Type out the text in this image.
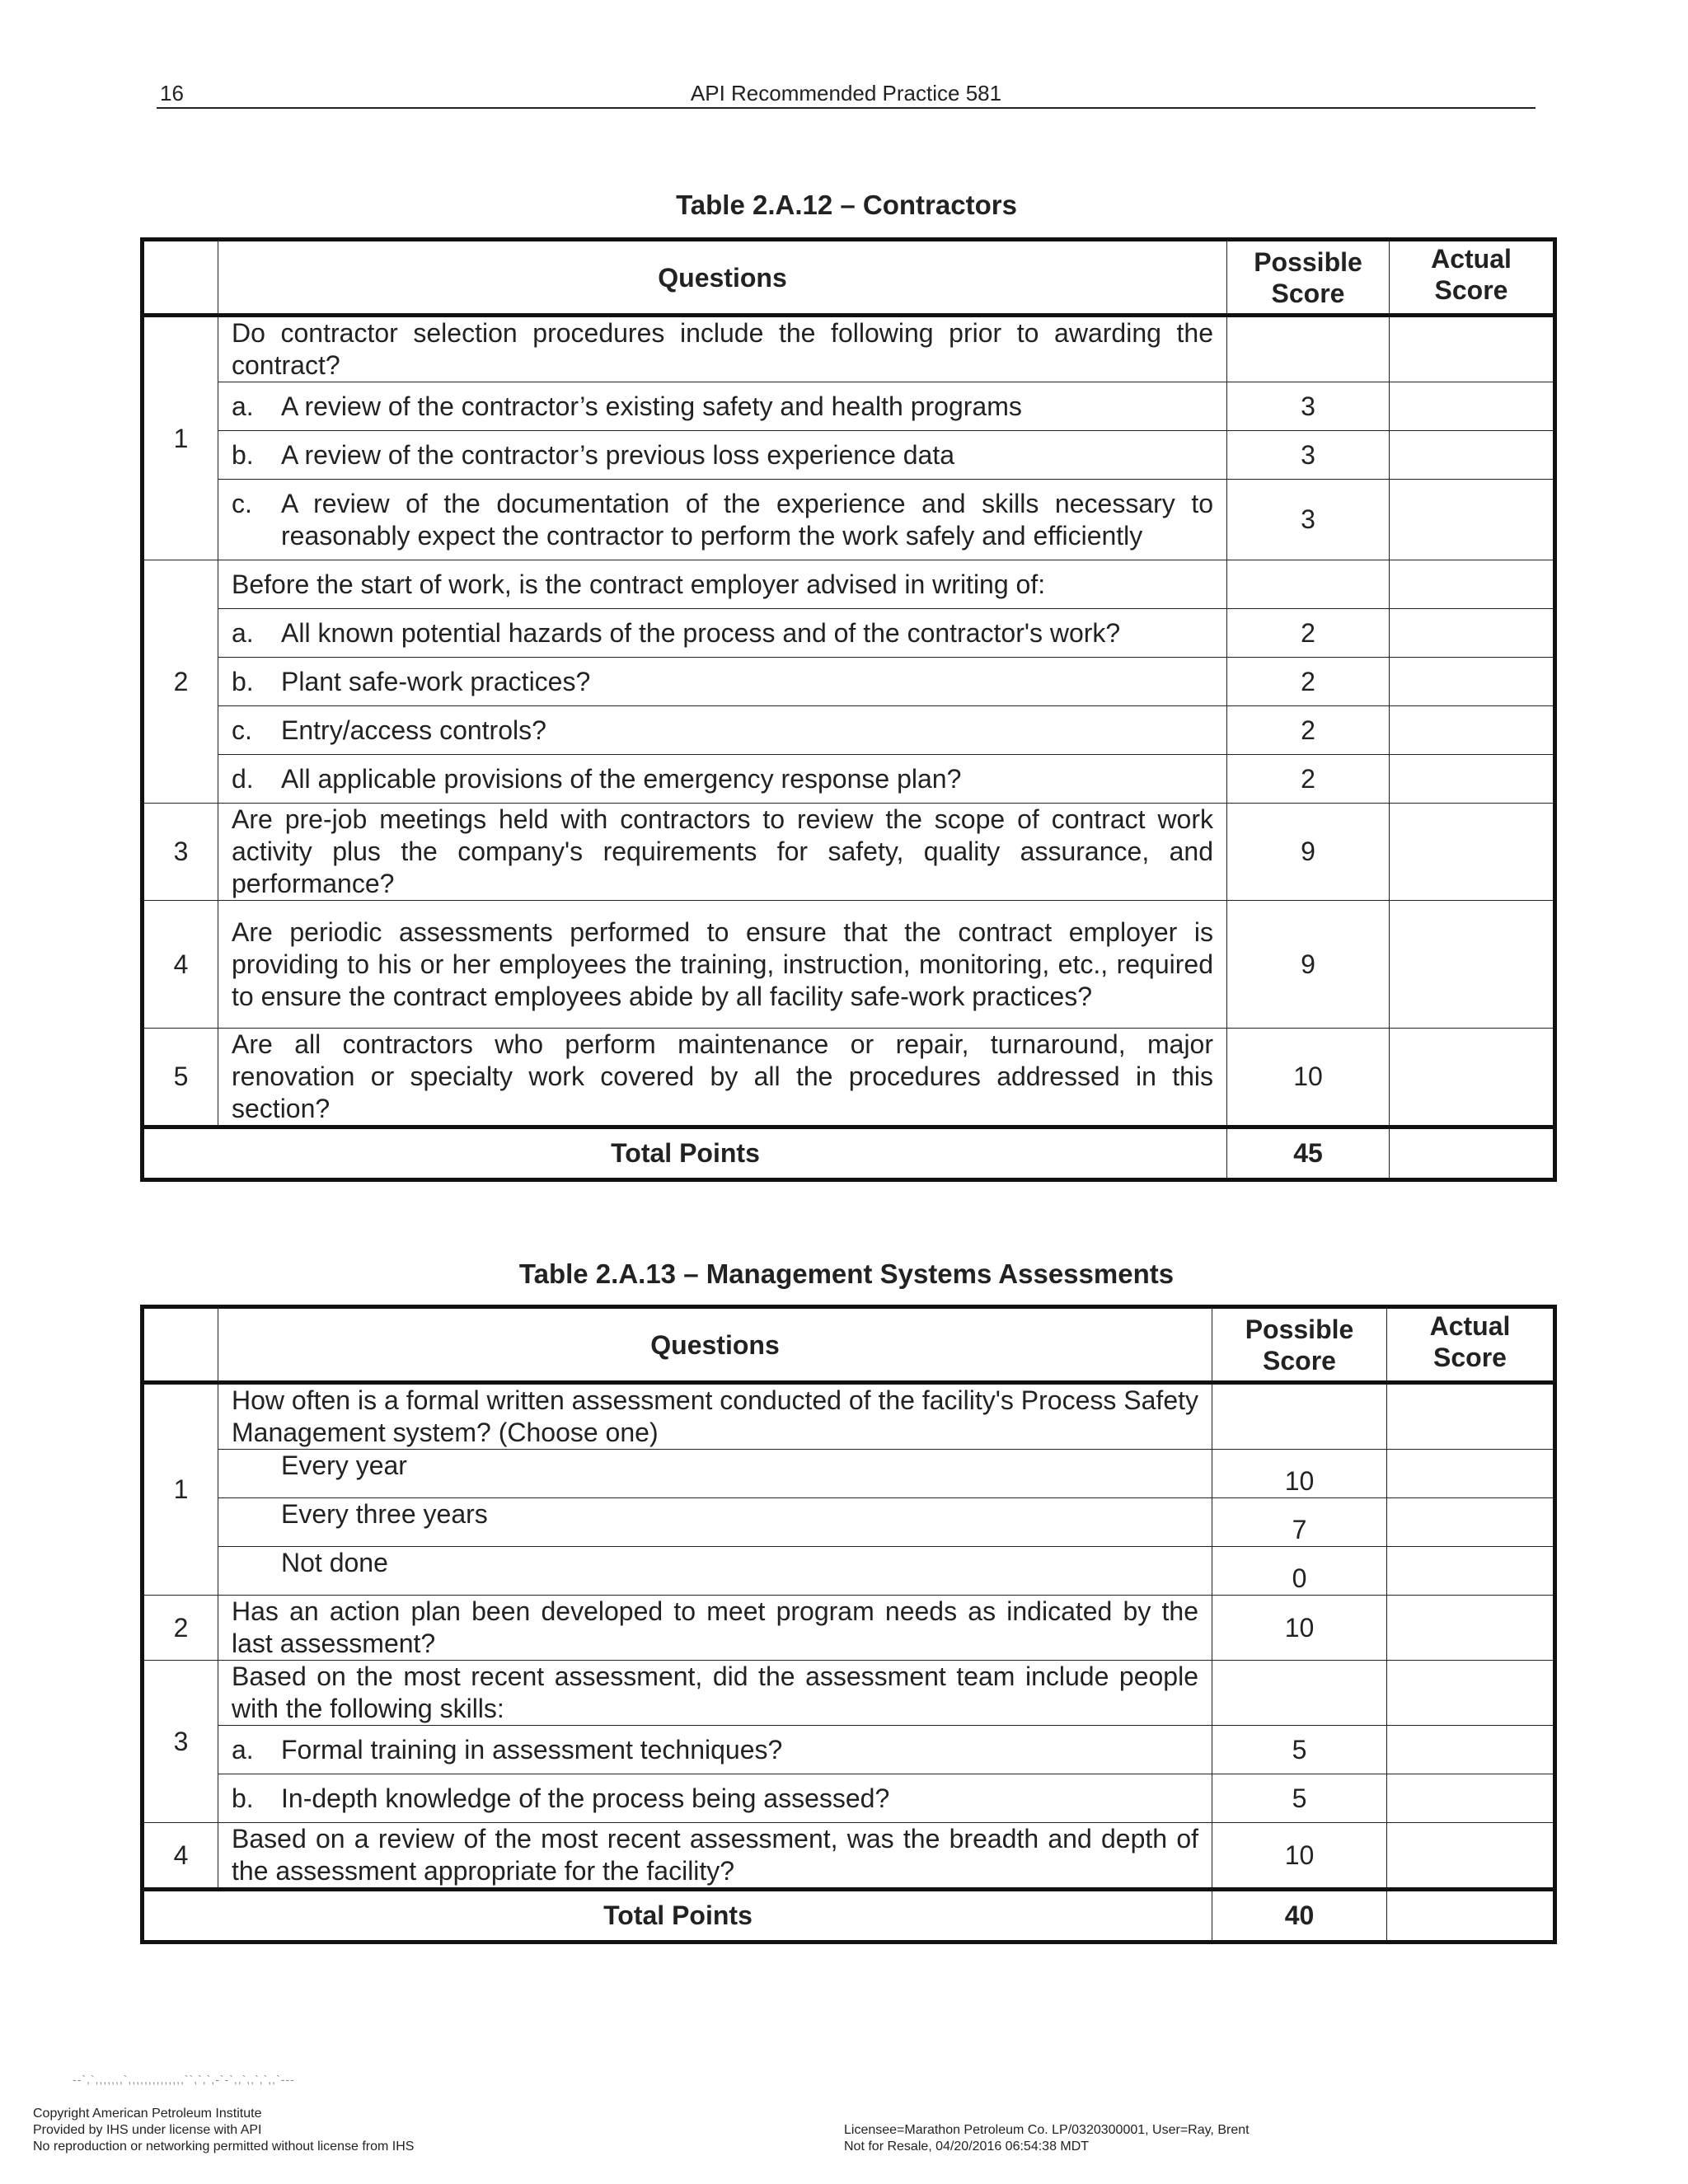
16	API Recommended Practice 581
Table 2.A.12 – Contractors
	Questions	Possible Score	Actual Score
1	Do contractor selection procedures include the following prior to awarding the contract?		

	a. A review of the contractor’s existing safety and health programs	3	

	b. A review of the contractor’s previous loss experience data	3	

	c. A review of the documentation of the experience and skills necessary to reasonably expect the contractor to perform the work safely and efficiently	3	
2	Before the start of work, is the contract employer advised in writing of:		

	a. All known potential hazards of the process and of the contractor's work?	2	

	b. Plant safe-work practices?	2	

	c. Entry/access controls?	2	

	d. All applicable provisions of the emergency response plan?	2	
3	Are pre-job meetings held with contractors to review the scope of contract work activity plus the company's requirements for safety, quality assurance, and performance?	9	
4	Are periodic assessments performed to ensure that the contract employer is providing to his or her employees the training, instruction, monitoring, etc., required to ensure the contract employees abide by all facility safe-work practices?	9	
5	Are all contractors who perform maintenance or repair, turnaround, major renovation or specialty work covered by all the procedures addressed in this section?	10	
Total Points		45	
Table 2.A.13 – Management Systems Assessments
	Questions	Possible Score	Actual Score
1	How often is a formal written assessment conducted of the facility's Process Safety Management system? (Choose one)		
	Every year	10	
	Every three years	7	
	Not done	0	
2	Has an action plan been developed to meet program needs as indicated by the last assessment?	10	
3	Based on the most recent assessment, did the assessment team include people with the following skills:		

	a. Formal training in assessment techniques?	5	

	b. In-depth knowledge of the process being assessed?	5	
4	Based on a review of the most recent assessment, was the breadth and depth of the assessment appropriate for the facility?	10	
Total Points		40	
--`,`,,,,,,,`,,,,,,,,,,,,,,``,`,`,-`-`,,`,,`,`,,`---
Copyright American Petroleum Institute
Provided by IHS under license with API
No reproduction or networking permitted without license from IHS
Licensee=Marathon Petroleum Co. LP/0320300001, User=Ray, Brent
Not for Resale, 04/20/2016 06:54:38 MDT
